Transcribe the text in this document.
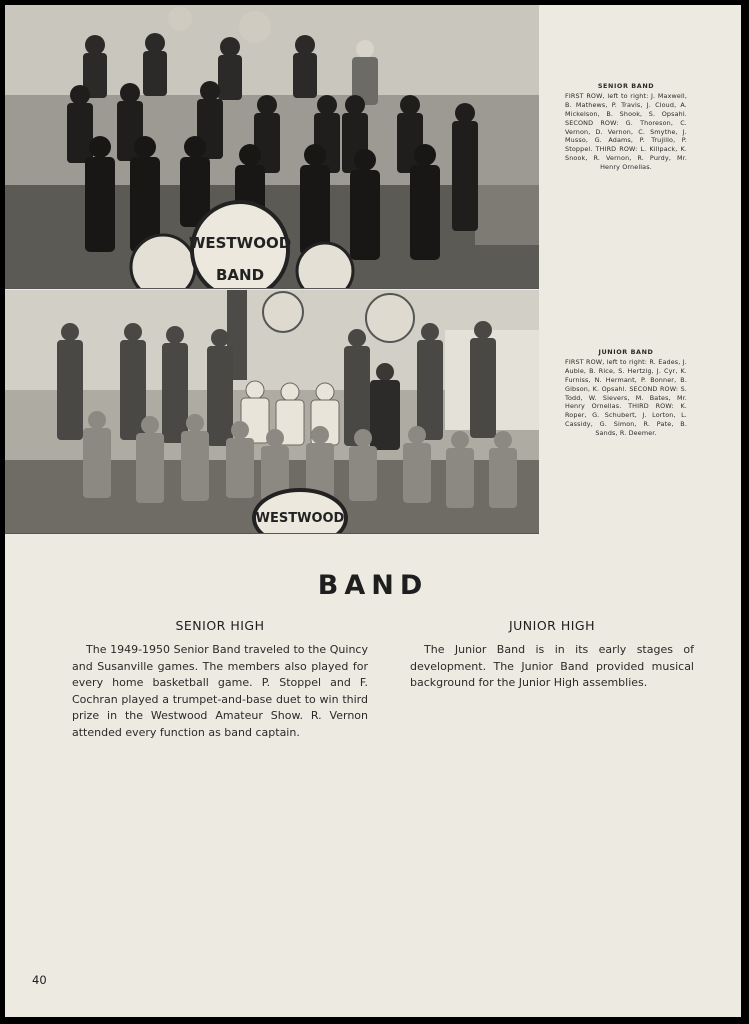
WESTWOOD
BAND
SENIOR BAND
FIRST ROW, left to right: J. Maxwell, B. Mathews, P. Travis, J. Cloud, A. Mickelson, B. Shook, S. Opsahl. SECOND ROW: G. Thoreson, C. Vernon, D. Vernon, C. Smythe, J. Musso, G. Adams, P. Trujillo, P. Stoppel. THIRD ROW: L. Killpack, K. Snook, R. Vernon, R. Purdy, Mr. Henry Ornellas.
WESTWOOD
JUNIOR BAND
FIRST ROW, left to right: R. Eades, J. Auble, B. Rice, S. Hertzig, J. Cyr, K. Furniss, N. Hermant, P. Bonner, B. Gibson, K. Opsahl. SECOND ROW: S. Todd, W. Sievers, M. Bates, Mr. Henry Ornellas. THIRD ROW: K. Roper, G. Schubert, J. Lorton, L. Cassidy, G. Simon, R. Pate, B. Sands, R. Deemer.
BAND
SENIOR HIGH
The 1949-1950 Senior Band traveled to the Quincy and Susanville games. The members also played for every home basketball game. P. Stoppel and F. Cochran played a trumpet-and-base duet to win third prize in the Westwood Amateur Show. R. Vernon attended every function as band captain.
JUNIOR HIGH
The Junior Band is in its early stages of development. The Junior Band provided musical background for the Junior High assemblies.
40
